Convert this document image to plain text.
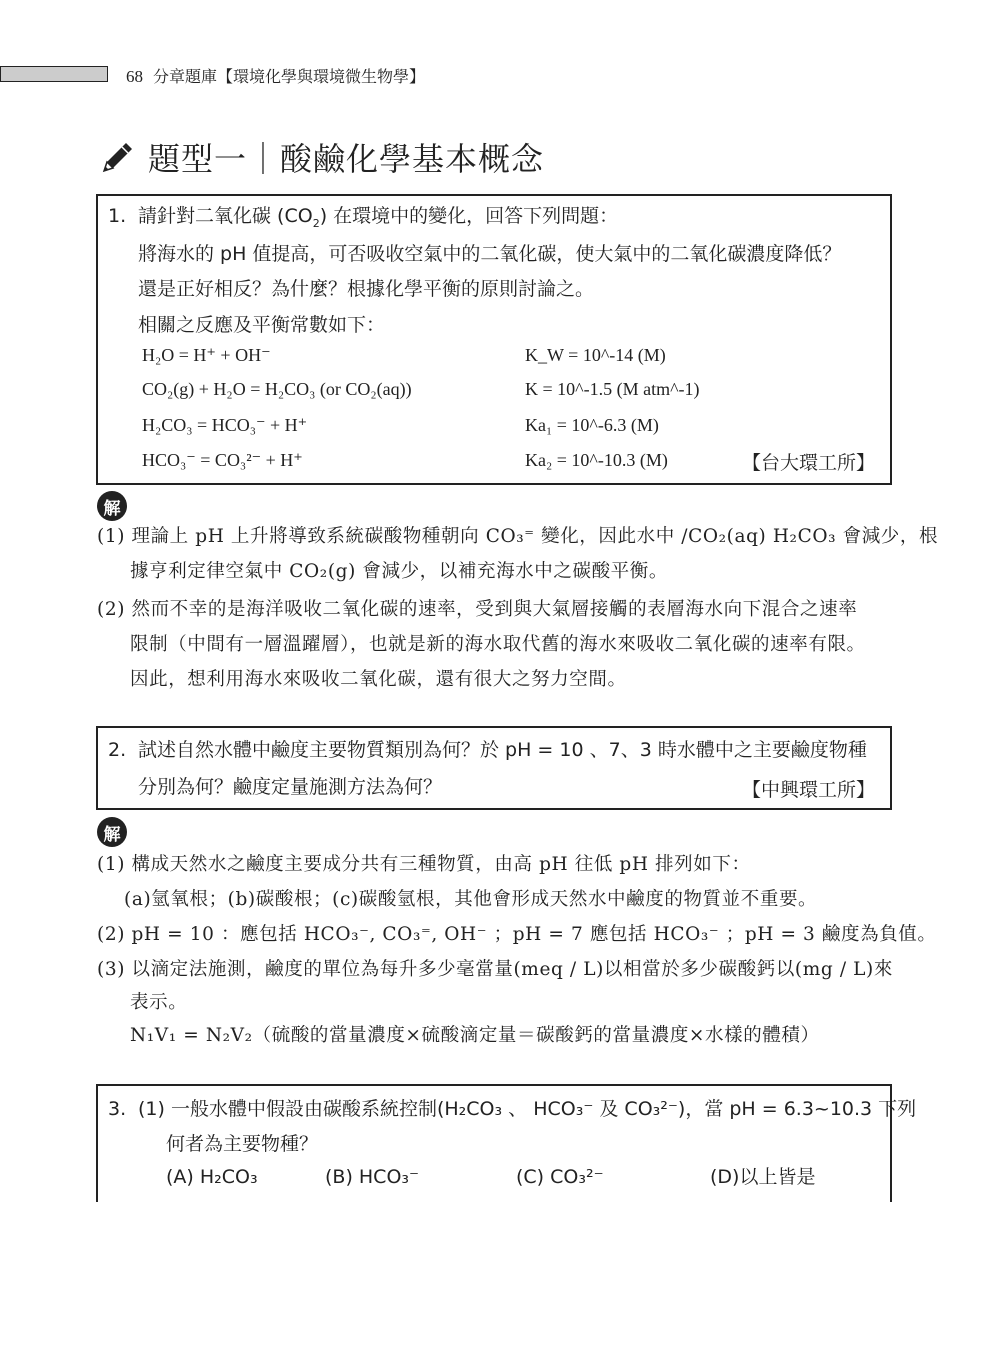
68 分章題庫【環境化學與環境微生物學】
題型一｜酸鹼化學基本概念
1. 請針對二氧化碳 $(CO_2)$ 在環境中的變化，回答下列問題：
將海水的 pH 值提高，可否吸收空氣中的二氧化碳，使大氣中的二氧化碳濃度降低？
還是正好相反？為什麼？根據化學平衡的原則討論之。
相關之反應及平衡常數如下：
H₂O = H⁺ + OH⁻	K_W = 10^-14 (M)
CO₂(g) + H₂O = H₂CO₃ (or CO₂(aq))	K = 10^-1.5 (M atm^-1)
H₂CO₃ = HCO₃⁻ + H⁺	Ka₁ = 10^-6.3 (M)
HCO₃⁻ = CO₃²⁻ + H⁺	Ka₂ = 10^-10.3 (M)	【台大環工所】
解
(1) 理論上 pH 上升將導致系統碳酸物種朝向 CO₃⁼ 變化，因此水中 /CO₂(aq) H₂CO₃ 會減少，根
據亨利定律空氣中 CO₂(g) 會減少，以補充海水中之碳酸平衡。
(2) 然而不幸的是海洋吸收二氧化碳的速率，受到與大氣層接觸的表層海水向下混合之速率
限制（中間有一層溫躍層），也就是新的海水取代舊的海水來吸收二氧化碳的速率有限。
因此，想利用海水來吸收二氧化碳，還有很大之努力空間。
2. 試述自然水體中鹼度主要物質類別為何？於 pH = 10 、7、3 時水體中之主要鹼度物種
分別為何？鹼度定量施測方法為何？	【中興環工所】
解
(1) 構成天然水之鹼度主要成分共有三種物質，由高 pH 往低 pH 排列如下：
(a)氫氧根；(b)碳酸根；(c)碳酸氫根，其他會形成天然水中鹼度的物質並不重要。
(2) pH = 10 ：應包括 HCO₃⁻, CO₃⁼, OH⁻ ；pH = 7 應包括 HCO₃⁻ ；pH = 3 鹼度為負值。
(3) 以滴定法施測，鹼度的單位為每升多少毫當量(meq / L)以相當於多少碳酸鈣以(mg / L)來
表示。
N₁V₁ = N₂V₂（硫酸的當量濃度×硫酸滴定量＝碳酸鈣的當量濃度×水樣的體積）
3. (1) 一般水體中假設由碳酸系統控制(H₂CO₃ 、 HCO₃⁻ 及 CO₃²⁻)，當 pH = 6.3~10.3 下列
何者為主要物種？
(A) H₂CO₃	(B) HCO₃⁻	(C) CO₃²⁻	(D)以上皆是
